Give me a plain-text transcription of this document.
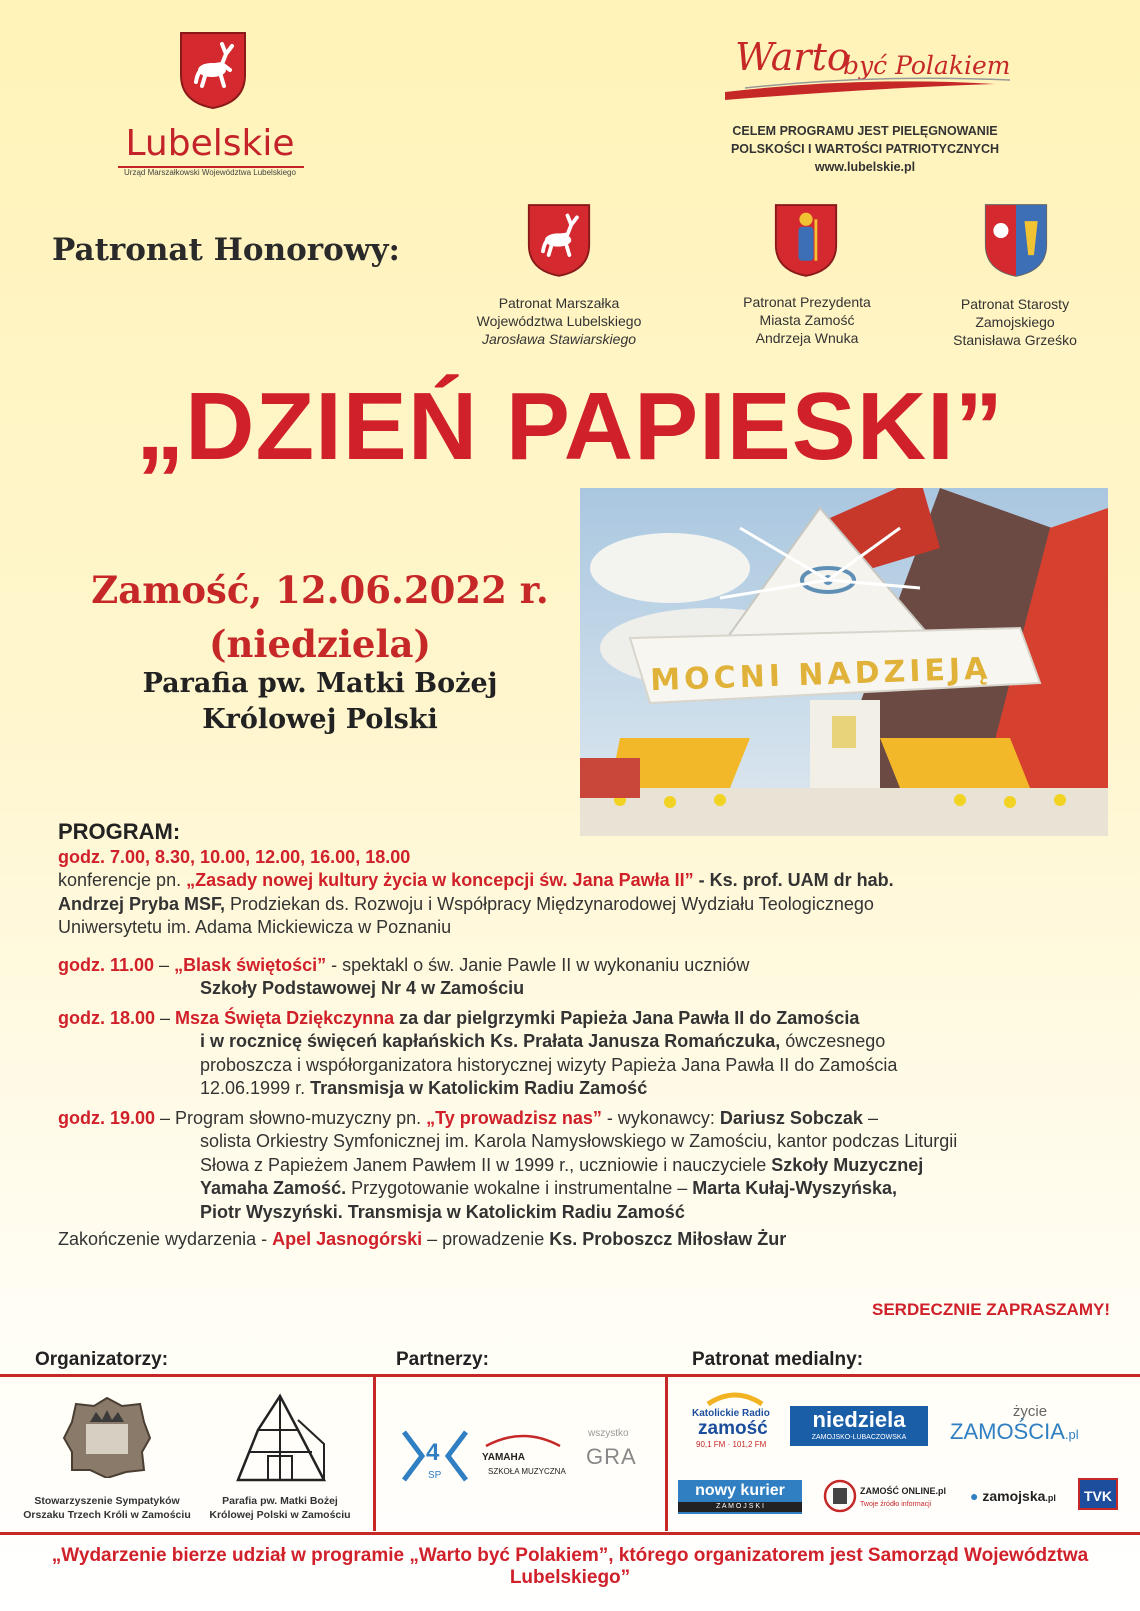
Lubelskie
Urząd Marszałkowski Województwa Lubelskiego
Warto
być Polakiem
CELEM PROGRAMU JEST PIELĘGNOWANIE
POLSKOŚCI I WARTOŚCI PATRIOTYCZNYCH
www.lubelskie.pl
Patronat Honorowy:
Patronat Marszałka
Województwa Lubelskiego
Jarosława Stawiarskiego
Patronat Prezydenta
Miasta Zamość
Andrzeja Wnuka
Patronat Starosty
Zamojskiego
Stanisława Grześko
„DZIEŃ PAPIESKI”
MOCNI NADZIEJĄ
Zamość, 12.06.2022 r.
(niedziela)
Parafia pw. Matki Bożej
Królowej Polski

PROGRAM:

godz. 7.00, 8.30, 10.00, 12.00, 16.00, 18.00

konferencje pn. „Zasady nowej kultury życia w koncepcji św. Jana Pawła II” - Ks. prof. UAM dr hab.

Andrzej Pryba MSF, Prodziekan ds. Rozwoju i Współpracy Międzynarodowej Wydziału Teologicznego

Uniwersytetu im. Adama Mickiewicza w Poznaniu

godz. 11.00 – „Blask świętości” - spektakl o św. Janie Pawle II w wykonaniu uczniów

Szkoły Podstawowej Nr 4 w Zamościu

godz. 18.00 – Msza Święta Dziękczynna za dar pielgrzymki Papieża Jana Pawła II do Zamościa

i w rocznicę święceń kapłańskich Ks. Prałata Janusza Romańczuka, ówczesnego

proboszcza i współorganizatora historycznej wizyty Papieża Jana Pawła II do Zamościa

12.06.1999 r. Transmisja w Katolickim Radiu Zamość

godz. 19.00 – Program słowno-muzyczny pn. „Ty prowadzisz nas” - wykonawcy: Dariusz Sobczak –

solista Orkiestry Symfonicznej im. Karola Namysłowskiego w Zamościu, kantor podczas Liturgii

Słowa z Papieżem Janem Pawłem II w 1999 r., uczniowie i nauczyciele Szkoły Muzycznej

Yamaha Zamość. Przygotowanie wokalne i instrumentalne – Marta Kułaj-Wyszyńska,

Piotr Wyszyński. Transmisja w Katolickim Radiu Zamość

Zakończenie wydarzenia - Apel Jasnogórski – prowadzenie Ks. Proboszcz Miłosław Żur

SERDECZNIE ZAPRASZAMY!
Organizatorzy:	Partnerzy:	Patronat medialny:
Stowarzyszenie Sympatyków
Orszaku Trzech Króli w Zamościu
Parafia pw. Matki Bożej
Królowej Polski w Zamościu
4
SP
YAMAHA
SZKOŁA MUZYCZNA
wszystko
GRA
Katolickie Radio
zamość
90,1 FM · 101,2 FM
niedziela
ZAMOJSKO-LUBACZOWSKA
życie
ZAMOŚCIA.pl
nowy kurier
Z A M O J S K I
ZAMOŚĆ ONLINE.pl
Twoje źródło informacji
● zamojska.pl	TVK
„Wydarzenie bierze udział w programie „Warto być Polakiem”, którego organizatorem jest Samorząd Województwa Lubelskiego”
